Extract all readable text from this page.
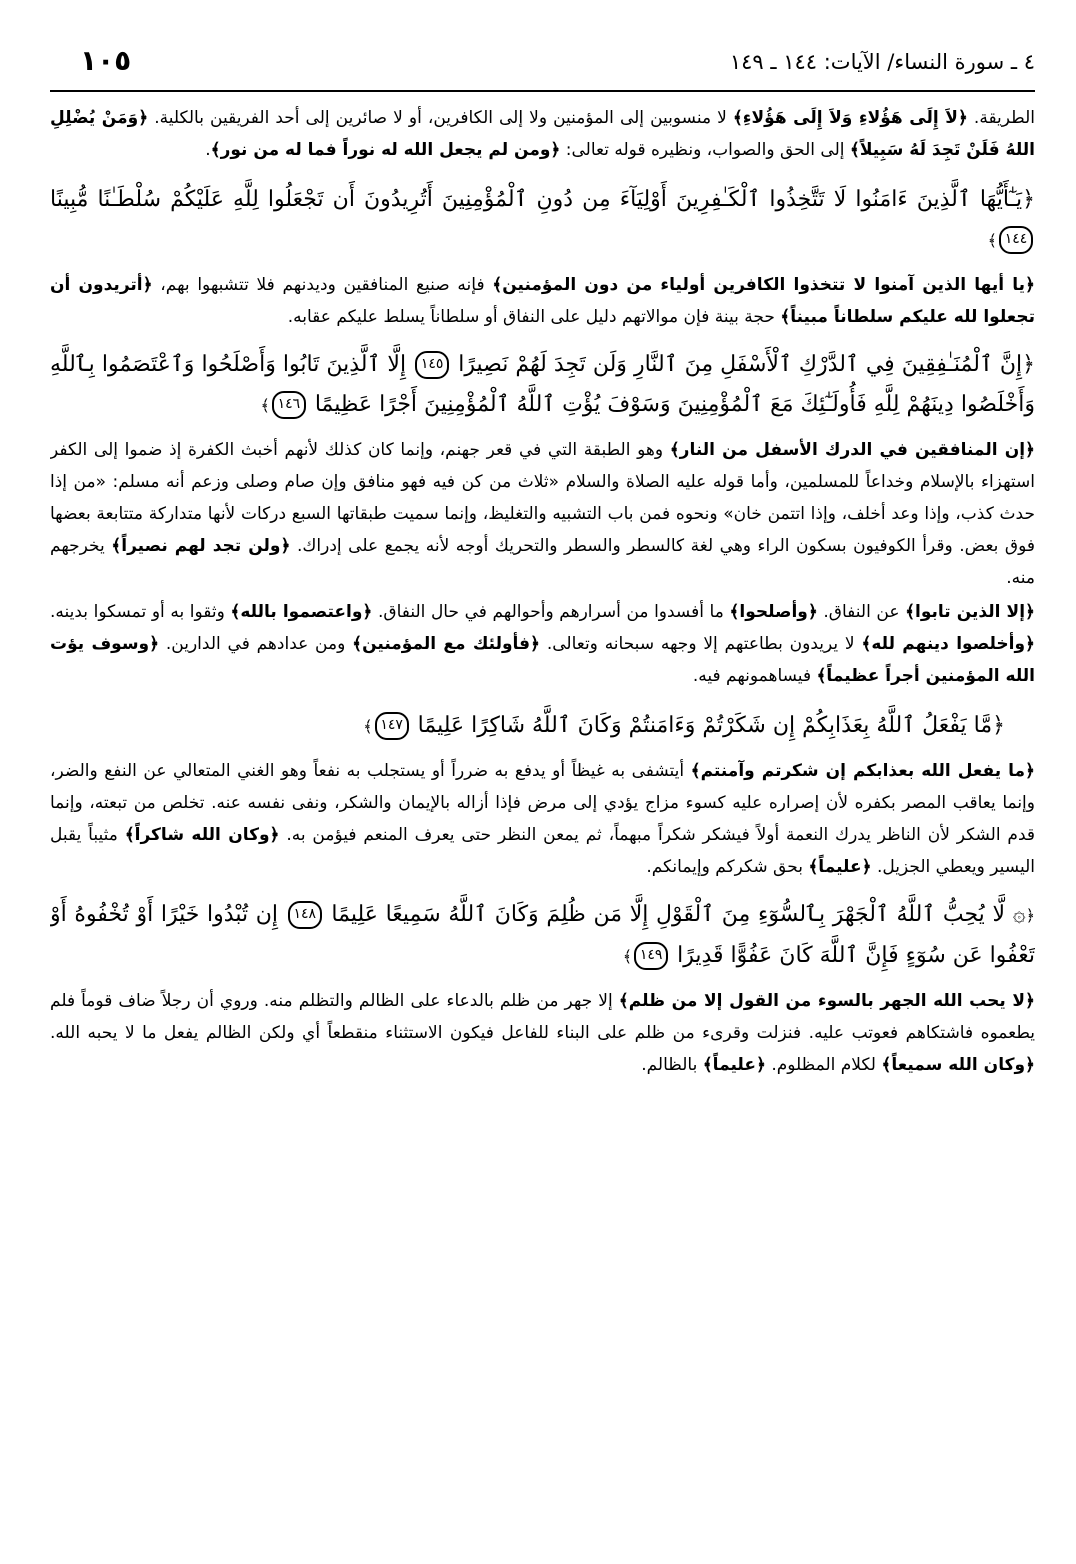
٤ ـ سورة النساء/ الآيات: ١٤٤ ـ ١٤٩
١٠٥

الطريقة. ﴿لاَ إِلَى هَؤُلاءِ وَلاَ إِلَى هَؤُلاءِ﴾ لا منسوبين إلى المؤمنين ولا إلى الكافرين، أو لا صائرين إلى أحد الفريقين بالكلية. ﴿وَمَنْ يُضْلِلِ اللهُ فَلَنْ تَجِدَ لَهُ سَبِيلاً﴾ إلى الحق والصواب، ونظيره قوله تعالى: ﴿ومن لم يجعل الله له نوراً فما له من نور﴾.

﴿يَـٰٓأَيُّهَا ٱلَّذِينَ ءَامَنُوا لَا تَتَّخِذُوا ٱلْكَـٰفِرِينَ أَوْلِيَآءَ مِن دُونِ ٱلْمُؤْمِنِينَ أَتُرِيدُونَ أَن تَجْعَلُوا لِلَّهِ عَلَيْكُمْ سُلْطَـٰنًا مُّبِينًا ١٤٤﴾

﴿يا أيها الذين آمنوا لا تتخذوا الكافرين أولياء من دون المؤمنين﴾ فإنه صنيع المنافقين وديدنهم فلا تتشبهوا بهم، ﴿أتريدون أن تجعلوا لله عليكم سلطاناً مبيناً﴾ حجة بينة فإن موالاتهم دليل على النفاق أو سلطاناً يسلط عليكم عقابه.

﴿إِنَّ ٱلْمُنَـٰفِقِينَ فِي ٱلدَّرْكِ ٱلْأَسْفَلِ مِنَ ٱلنَّارِ وَلَن تَجِدَ لَهُمْ نَصِيرًا ١٤٥ إِلَّا ٱلَّذِينَ تَابُوا وَأَصْلَحُوا وَٱعْتَصَمُوا بِٱللَّهِ وَأَخْلَصُوا دِينَهُمْ لِلَّهِ فَأُولَـٰٓئِكَ مَعَ ٱلْمُؤْمِنِينَ وَسَوْفَ يُؤْتِ ٱللَّهُ ٱلْمُؤْمِنِينَ أَجْرًا عَظِيمًا ١٤٦﴾

﴿إن المنافقين في الدرك الأسفل من النار﴾ وهو الطبقة التي في قعر جهنم، وإنما كان كذلك لأنهم أخبث الكفرة إذ ضموا إلى الكفر استهزاء بالإسلام وخداعاً للمسلمين، وأما قوله عليه الصلاة والسلام «ثلاث من كن فيه فهو منافق وإن صام وصلى وزعم أنه مسلم: «من إذا حدث كذب، وإذا وعد أخلف، وإذا اتتمن خان» ونحوه فمن باب التشبيه والتغليظ، وإنما سميت طبقاتها السبع دركات لأنها متداركة متتابعة بعضها فوق بعض. وقرأ الكوفيون بسكون الراء وهي لغة كالسطر والسطر والتحريك أوجه لأنه يجمع على إدراك. ﴿ولن تجد لهم نصيراً﴾ يخرجهم منه.

﴿إلا الذين تابوا﴾ عن النفاق. ﴿وأصلحوا﴾ ما أفسدوا من أسرارهم وأحوالهم في حال النفاق. ﴿واعتصموا بالله﴾ وثقوا به أو تمسكوا بدينه. ﴿وأخلصوا دينهم لله﴾ لا يريدون بطاعتهم إلا وجهه سبحانه وتعالى. ﴿فأولئك مع المؤمنين﴾ ومن عدادهم في الدارين. ﴿وسوف يؤت الله المؤمنين أجراً عظيماً﴾ فيساهمونهم فيه.

﴿مَّا يَفْعَلُ ٱللَّهُ بِعَذَابِكُمْ إِن شَكَرْتُمْ وَءَامَنتُمْ وَكَانَ ٱللَّهُ شَاكِرًا عَلِيمًا ١٤٧﴾

﴿ما يفعل الله بعذابكم إن شكرتم وآمنتم﴾ أيتشفى به غيظاً أو يدفع به ضرراً أو يستجلب به نفعاً وهو الغني المتعالي عن النفع والضر، وإنما يعاقب المصر بكفره لأن إصراره عليه كسوء مزاج يؤدي إلى مرض فإذا أزاله بالإيمان والشكر، ونفى نفسه عنه. تخلص من تبعته، وإنما قدم الشكر لأن الناظر يدرك النعمة أولاً فيشكر شكراً مبهماً، ثم يمعن النظر حتى يعرف المنعم فيؤمن به. ﴿وكان الله شاكراً﴾ مثيباً يقبل اليسير ويعطي الجزيل. ﴿عليماً﴾ بحق شكركم وإيمانكم.

﴿۞ لَّا يُحِبُّ ٱللَّهُ ٱلْجَهْرَ بِٱلسُّوٓءِ مِنَ ٱلْقَوْلِ إِلَّا مَن ظُلِمَ وَكَانَ ٱللَّهُ سَمِيعًا عَلِيمًا ١٤٨ إِن تُبْدُوا خَيْرًا أَوْ تُخْفُوهُ أَوْ تَعْفُوا عَن سُوٓءٍ فَإِنَّ ٱللَّهَ كَانَ عَفُوًّا قَدِيرًا ١٤٩﴾

﴿لا يحب الله الجهر بالسوء من القول إلا من ظلم﴾ إلا جهر من ظلم بالدعاء على الظالم والتظلم منه. وروي أن رجلاً ضاف قوماً فلم يطعموه فاشتكاهم فعوتب عليه. فنزلت وقرىء من ظلم على البناء للفاعل فيكون الاستثناء منقطعاً أي ولكن الظالم يفعل ما لا يحبه الله. ﴿وكان الله سميعاً﴾ لكلام المظلوم. ﴿عليماً﴾ بالظالم.
